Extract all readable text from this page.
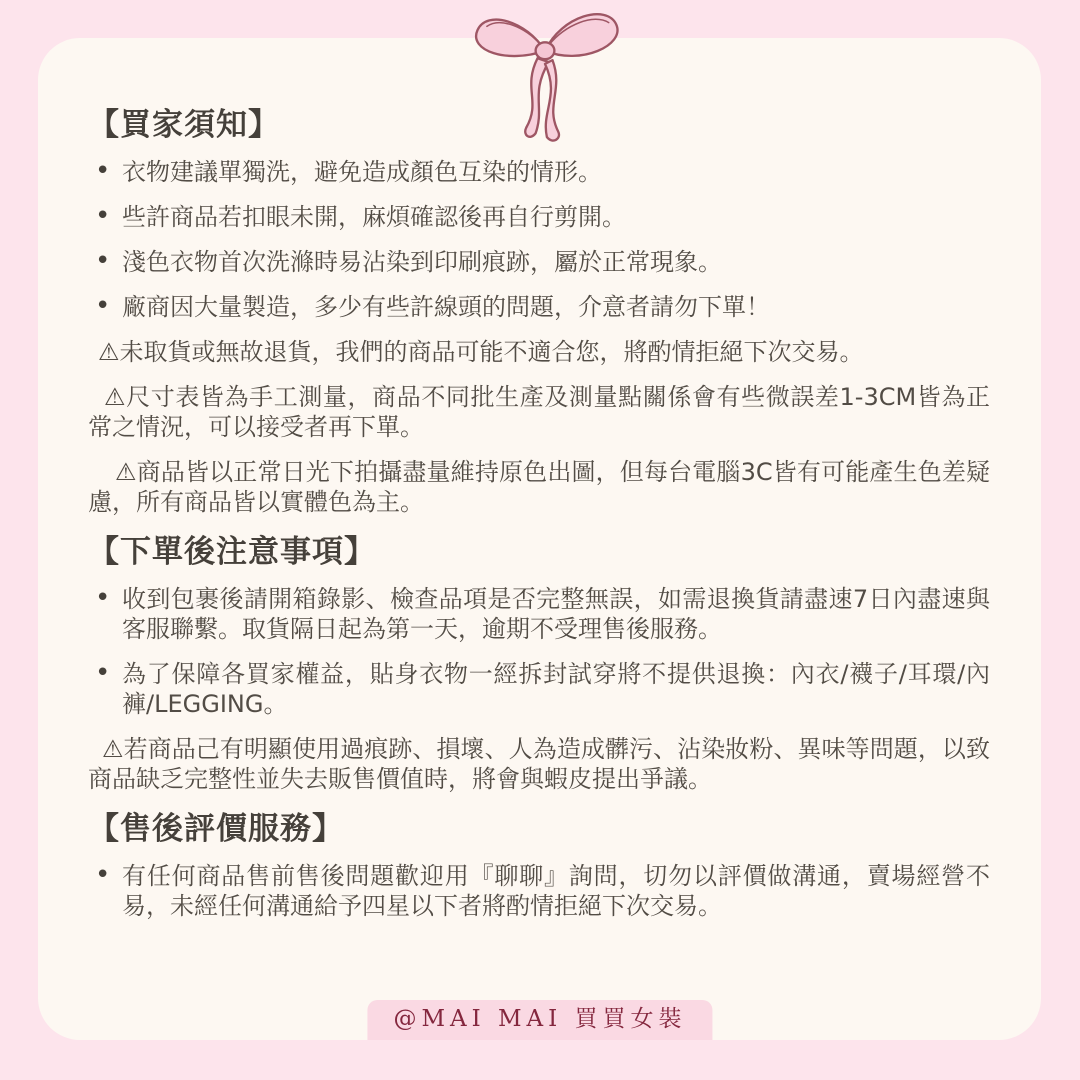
【買家須知】
• 衣物建議單獨洗，避免造成顏色互染的情形。
• 些許商品若扣眼未開，麻煩確認後再自行剪開。
• 淺色衣物首次洗滌時易沾染到印刷痕跡，屬於正常現象。
• 廠商因大量製造，多少有些許線頭的問題，介意者請勿下單！

⚠未取貨或無故退貨，我們的商品可能不適合您，將酌情拒絕下次交易。

⚠尺寸表皆為手工測量，商品不同批生產及測量點關係會有些微誤差1-3CM皆為正常之情況，可以接受者再下單。

⚠商品皆以正常日光下拍攝盡量維持原色出圖，但每台電腦3C皆有可能產生色差疑慮，所有商品皆以實體色為主。

【下單後注意事項】
• 收到包裹後請開箱錄影、檢查品項是否完整無誤，如需退換貨請盡速7日內盡速與客服聯繫。取貨隔日起為第一天，逾期不受理售後服務。
• 為了保障各買家權益，貼身衣物一經拆封試穿將不提供退換：內衣/襪子/耳環/內褲/LEGGING。

⚠若商品己有明顯使用過痕跡、損壞、人為造成髒污、沾染妝粉、異味等問題，以致商品缺乏完整性並失去販售價值時，將會與蝦皮提出爭議。

【售後評價服務】
• 有任何商品售前售後問題歡迎用『聊聊』詢問，切勿以評價做溝通，賣場經營不易，未經任何溝通給予四星以下者將酌情拒絕下次交易。
@MAI MAI 買買女裝
